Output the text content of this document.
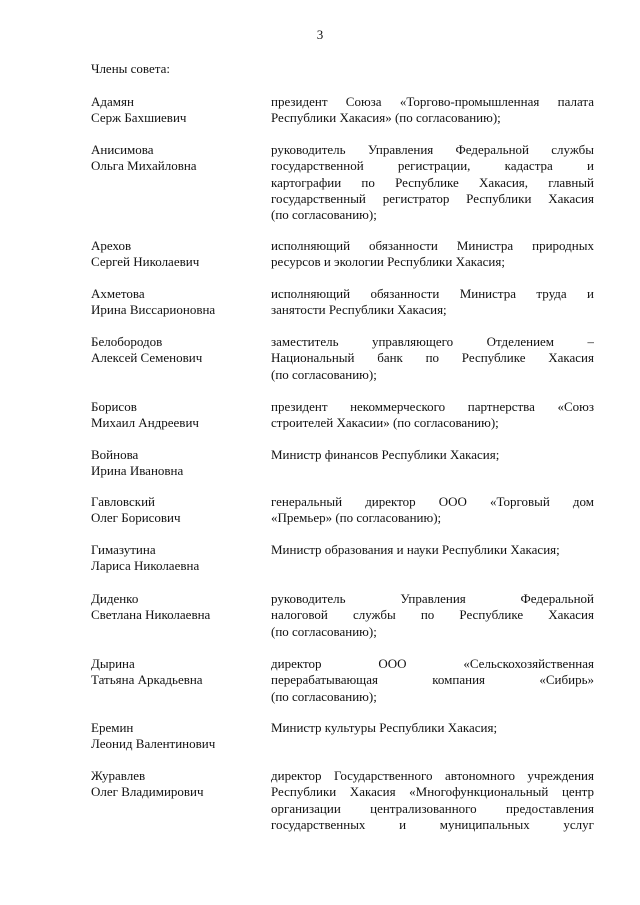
3
Члены совета:
Адамян
Серж Бахшиевич
президент Союза «Торгово-промышленная палата
Республики Хакасия» (по согласованию);
Анисимова
Ольга Михайловна
руководитель Управления Федеральной службы
государственной регистрации, кадастра и
картографии по Республике Хакасия, главный
государственный регистратор Республики Хакасия
(по согласованию);
Арехов
Сергей Николаевич
исполняющий обязанности Министра природных
ресурсов и экологии Республики Хакасия;
Ахметова
Ирина Виссарионовна
исполняющий обязанности Министра труда и
занятости Республики Хакасия;
Белобородов
Алексей Семенович
заместитель управляющего Отделением –
Национальный банк по Республике Хакасия
(по согласованию);
Борисов
Михаил Андреевич
президент некоммерческого партнерства «Союз
строителей Хакасии» (по согласованию);
Войнова
Ирина Ивановна
Министр финансов Республики Хакасия;
Гавловский
Олег Борисович
генеральный директор ООО «Торговый дом
«Премьер» (по согласованию);
Гимазутина
Лариса Николаевна
Министр образования и науки Республики Хакасия;
Диденко
Светлана Николаевна
руководитель Управления Федеральной
налоговой службы по Республике Хакасия
(по согласованию);
Дырина
Татьяна Аркадьевна
директор ООО «Сельскохозяйственная
перерабатывающая компания «Сибирь»
(по согласованию);
Еремин
Леонид Валентинович
Министр культуры Республики Хакасия;
Журавлев
Олег Владимирович
директор Государственного автономного учреждения
Республики Хакасия «Многофункциональный центр
организации централизованного предоставления
государственных и муниципальных услуг
